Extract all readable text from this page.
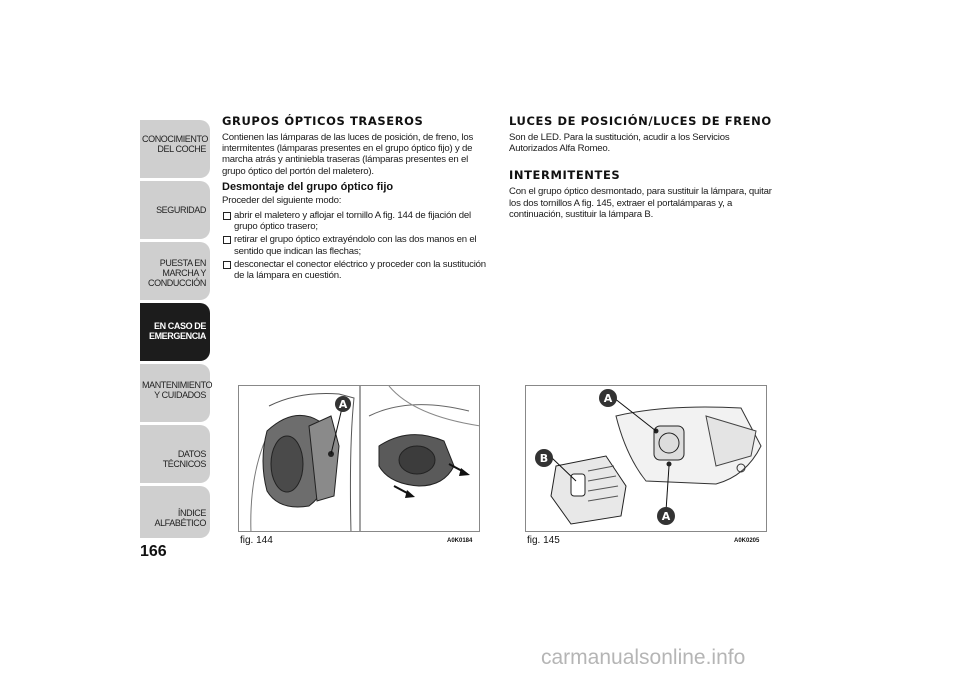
CONOCIMIENTO DEL COCHE
SEGURIDAD
PUESTA EN MARCHA Y CONDUCCIÓN
EN CASO DE EMERGENCIA
MANTENIMIENTO Y CUIDADOS
DATOS TÉCNICOS
ÍNDICE ALFABÉTICO
166
GRUPOS ÓPTICOS TRASEROS

Contienen las lámparas de las luces de posición, de freno, los intermitentes (lámparas presentes en el grupo óptico fijo) y de marcha atrás y antiniebla traseras (lámparas presentes en el grupo óptico del portón del maletero).

Desmontaje del grupo óptico fijo

Proceder del siguiente modo:

abrir el maletero y aflojar el tornillo A fig. 144 de fijación del grupo óptico trasero;
retirar el grupo óptico extrayéndolo con las dos manos en el sentido que indican las flechas;
desconectar el conector eléctrico y proceder con la sustitución de la lámpara en cuestión.
LUCES DE POSICIÓN/LUCES DE FRENO

Son de LED. Para la sustitución, acudir a los Servicios Autorizados Alfa Romeo.

INTERMITENTES

Con el grupo óptico desmontado, para sustituir la lámpara, quitar los dos tornillos A fig. 145, extraer el portalámparas y, a continuación, sustituir la lámpara B.

A
fig. 144	A0K0184
A
B
A
fig. 145	A0K0205
carmanualsonline.info
